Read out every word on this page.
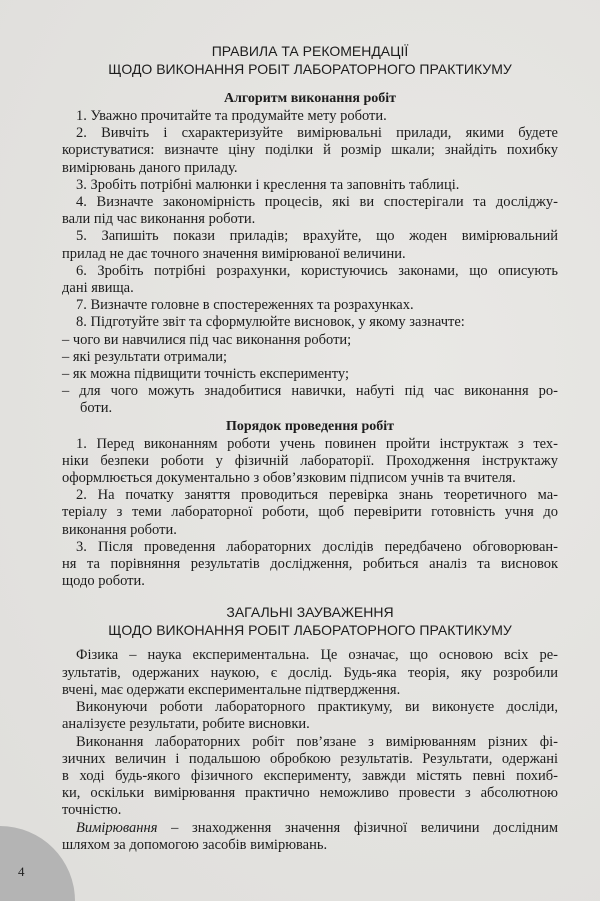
4
ПРАВИЛА ТА РЕКОМЕНДАЦІЇ
ЩОДО ВИКОНАННЯ РОБІТ ЛАБОРАТОРНОГО ПРАКТИКУМУ
Алгоритм виконання робіт
1. Уважно прочитайте та продумайте мету роботи.
2. Вивчіть і схарактеризуйте вимірювальні прилади, якими будете
користуватися: визначте ціну поділки й розмір шкали; знайдіть похибку
вимірювань даного приладу.
3. Зробіть потрібні малюнки і креслення та заповніть таблиці.
4. Визначте закономірність процесів, які ви спостерігали та досліджу-
вали під час виконання роботи.
5. Запишіть покази приладів; врахуйте, що жоден вимірювальний
прилад не дає точного значення вимірюваної величини.
6. Зробіть потрібні розрахунки, користуючись законами, що описують
дані явища.
7. Визначте головне в спостереженнях та розрахунках.
8. Підготуйте звіт та сформулюйте висновок, у якому зазначте:
– чого ви навчилися під час виконання роботи;
– які результати отримали;
– як можна підвищити точність експерименту;
– для чого можуть знадобитися навички, набуті під час виконання ро-
боти.
Порядок проведення робіт
1. Перед виконанням роботи учень повинен пройти інструктаж з тех-
ніки безпеки роботи у фізичній лабораторії. Проходження інструктажу
оформлюється документально з обов’язковим підписом учнів та вчителя.
2. На початку заняття проводиться перевірка знань теоретичного ма-
теріалу з теми лабораторної роботи, щоб перевірити готовність учня до
виконання роботи.
3. Після проведення лабораторних дослідів передбачено обговорюван-
ня та порівняння результатів дослідження, робиться аналіз та висновок
щодо роботи.
ЗАГАЛЬНІ ЗАУВАЖЕННЯ
ЩОДО ВИКОНАННЯ РОБІТ ЛАБОРАТОРНОГО ПРАКТИКУМУ
Фізика – наука експериментальна. Це означає, що основою всіх ре-
зультатів, одержаних наукою, є дослід. Будь-яка теорія, яку розробили
вчені, має одержати експериментальне підтвердження.
Виконуючи роботи лабораторного практикуму, ви виконуєте досліди,
аналізуєте результати, робите висновки.
Виконання лабораторних робіт пов’язане з вимірюванням різних фі-
зичних величин і подальшою обробкою результатів. Результати, одержані
в ході будь-якого фізичного експерименту, завжди містять певні похиб-
ки, оскільки вимірювання практично неможливо провести з абсолютною
точністю.
Вимірювання – знаходження значення фізичної величини дослідним
шляхом за допомогою засобів вимірювань.
